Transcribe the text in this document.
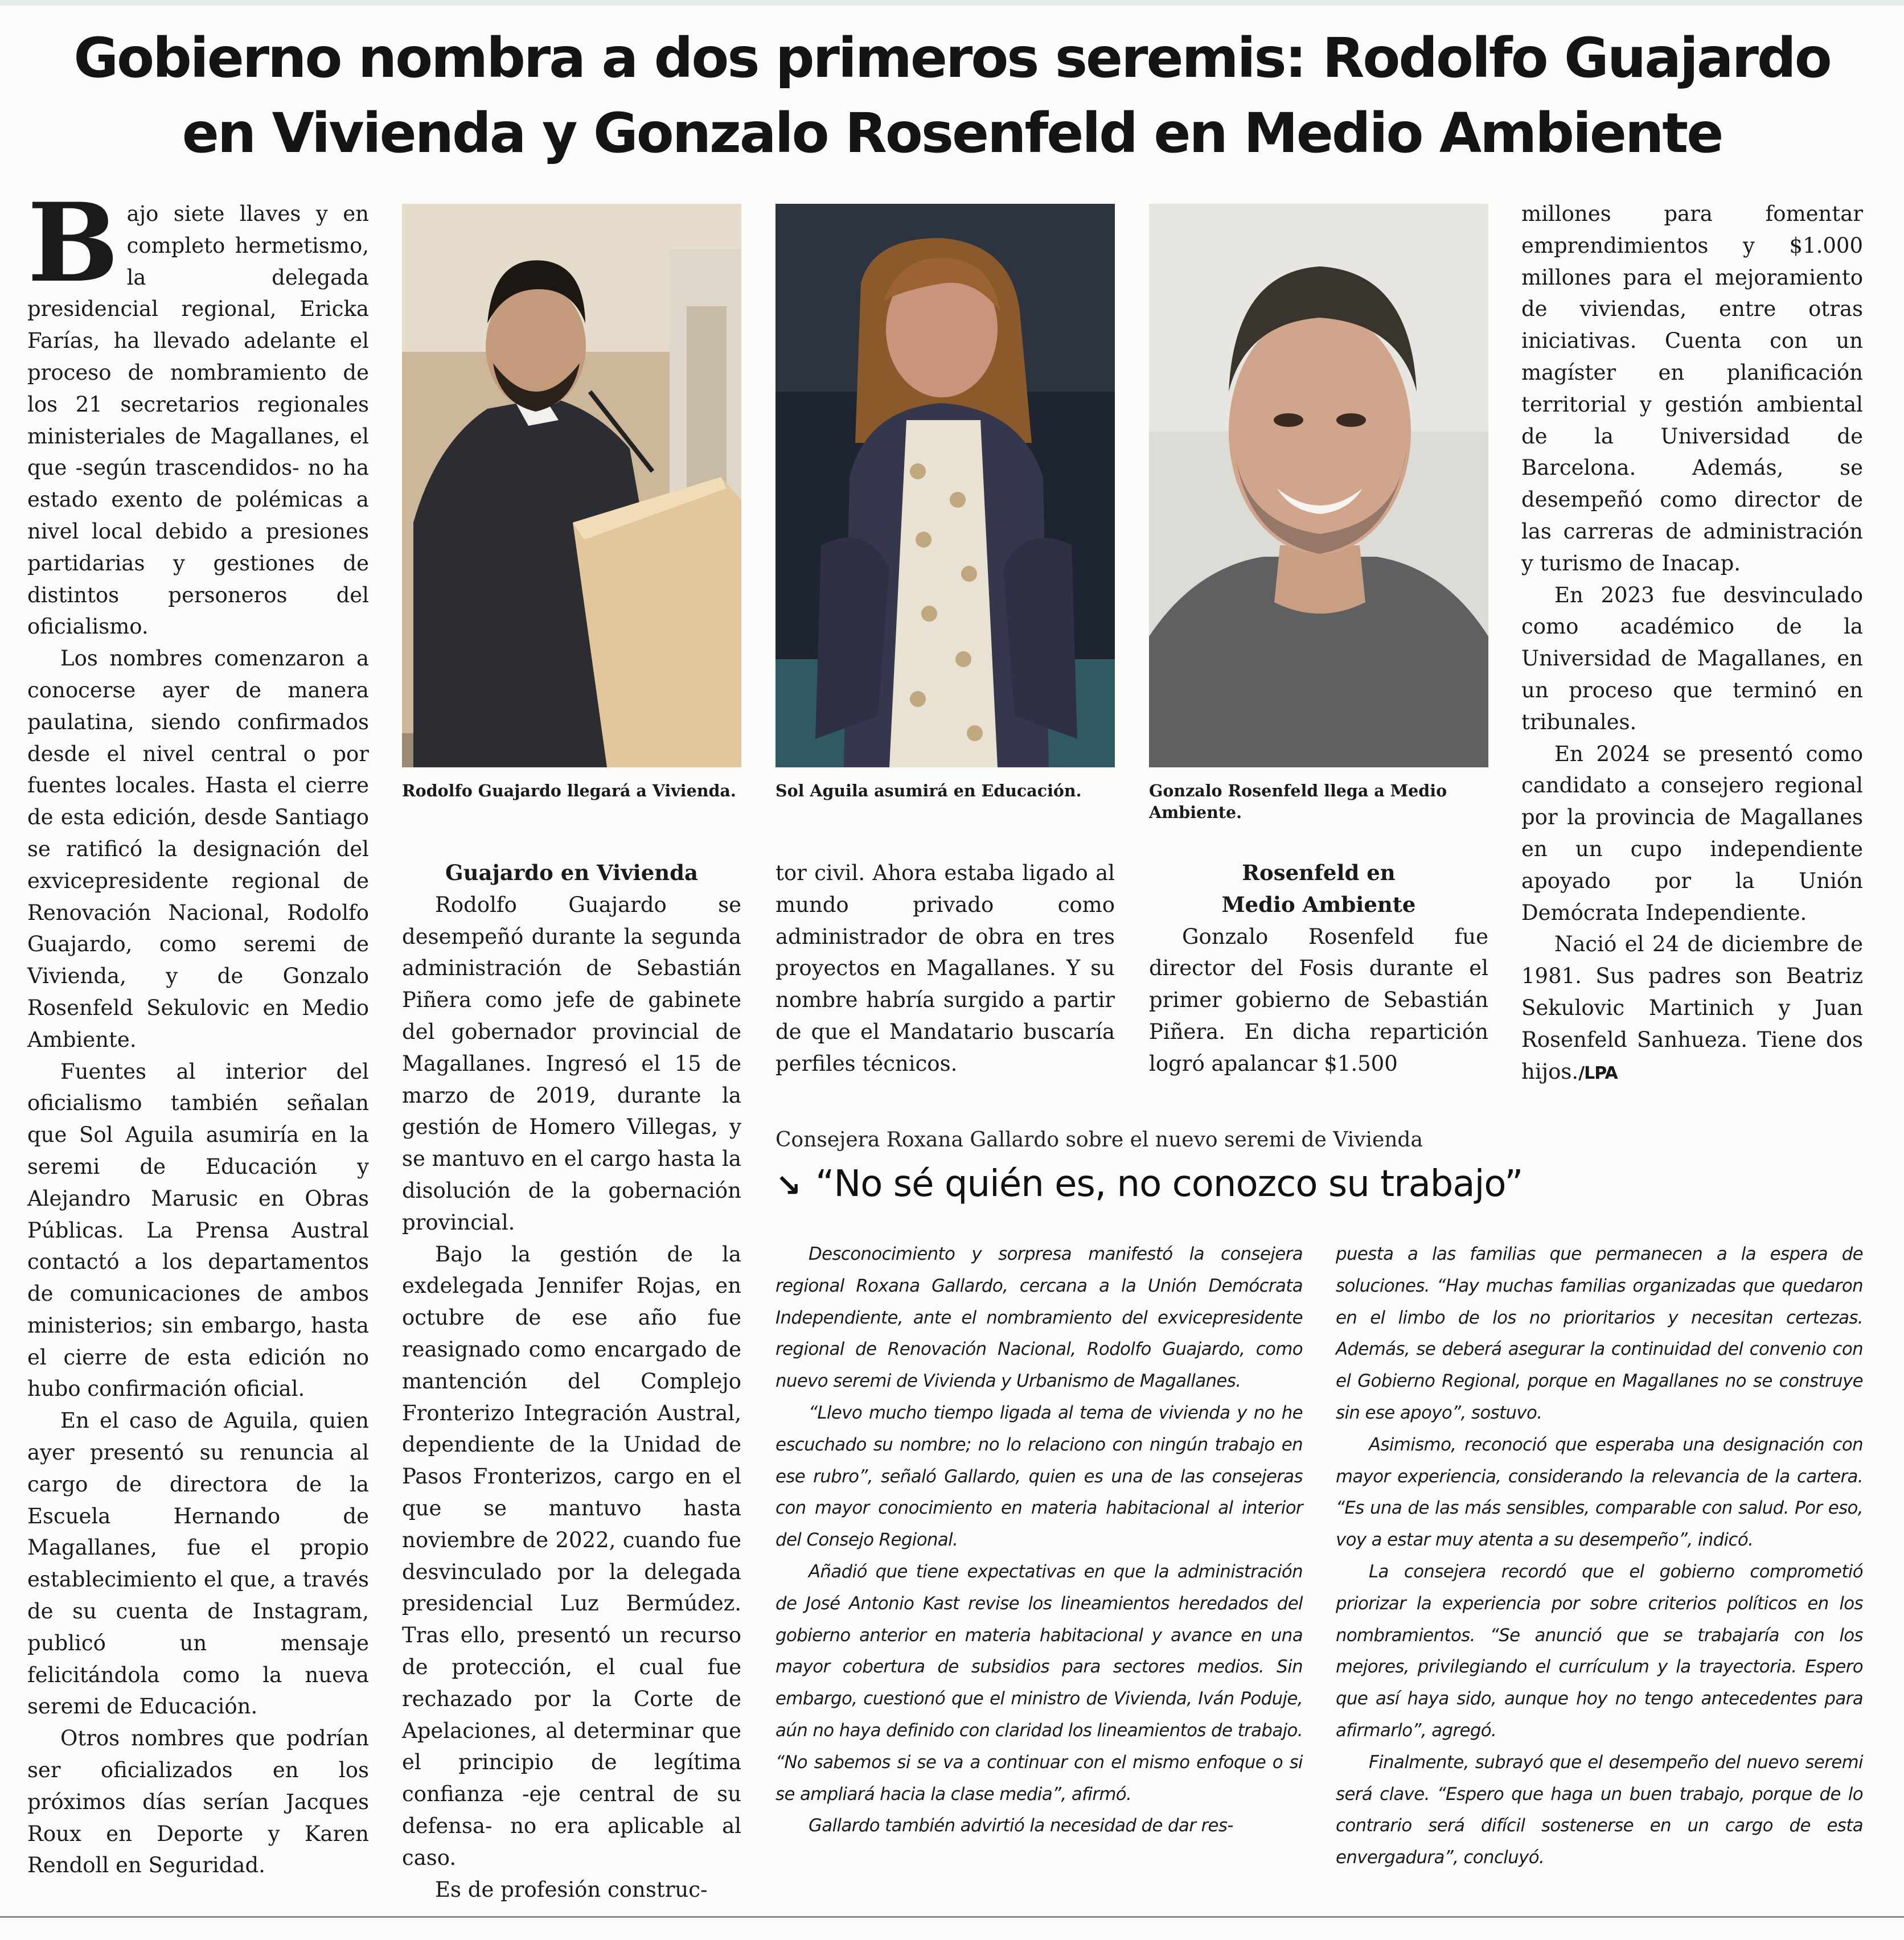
Gobierno nombra a dos primeros seremis: Rodolfo Guajardo
en Vivienda y Gonzalo Rosenfeld en Medio Ambiente

Bajo siete llaves y en completo hermetismo, la delegada presidencial regional, Ericka Farías, ha llevado adelante el proceso de nombramiento de los 21 secretarios regionales ministeriales de Magallanes, el que -según trascendidos- no ha estado exento de polémicas a nivel local debido a presiones partidarias y gestiones de distintos personeros del oficialismo.

Los nombres comenzaron a conocerse ayer de manera paulatina, siendo confirmados desde el nivel central o por fuentes locales. Hasta el cierre de esta edición, desde Santiago se ratificó la designación del exvicepresidente regional de Renovación Nacional, Rodolfo Guajardo, como seremi de Vivienda, y de Gonzalo Rosenfeld Sekulovic en Medio Ambiente.

Fuentes al interior del oficialismo también señalan que Sol Aguila asumiría en la seremi de Educación y Alejandro Marusic en Obras Públicas. La Prensa Austral contactó a los departamentos de comunicaciones de ambos ministerios; sin embargo, hasta el cierre de esta edición no hubo confirmación oficial.

En el caso de Aguila, quien ayer presentó su renuncia al cargo de directora de la Escuela Hernando de Magallanes, fue el propio establecimiento el que, a través de su cuenta de Instagram, publicó un mensaje felicitándola como la nueva seremi de Educación.

Otros nombres que podrían ser oficializados en los próximos días serían Jacques Roux en Deporte y Karen Rendoll en Seguridad.

Rodolfo Guajardo llegará a Vivienda.	Sol Aguila asumirá en Educación.	Gonzalo Rosenfeld llega a Medio Ambiente.

Guajardo en Vivienda

Rodolfo Guajardo se desempeñó durante la segunda administración de Sebastián Piñera como jefe de gabinete del gobernador provincial de Magallanes. Ingresó el 15 de marzo de 2019, durante la gestión de Homero Villegas, y se mantuvo en el cargo hasta la disolución de la gobernación provincial.

Bajo la gestión de la exdelegada Jennifer Rojas, en octubre de ese año fue reasignado como encargado de mantención del Complejo Fronterizo Integración Austral, dependiente de la Unidad de Pasos Fronterizos, cargo en el que se mantuvo hasta noviembre de 2022, cuando fue desvinculado por la delegada presidencial Luz Bermúdez. Tras ello, presentó un recurso de protección, el cual fue rechazado por la Corte de Apelaciones, al determinar que el principio de legítima confianza -eje central de su defensa- no era aplicable al caso.

Es de profesión construc-

tor civil. Ahora estaba ligado al mundo privado como administrador de obra en tres proyectos en Magallanes. Y su nombre habría surgido a partir de que el Mandatario buscaría perfiles técnicos.

Rosenfeld en
Medio Ambiente

Gonzalo Rosenfeld fue director del Fosis durante el primer gobierno de Sebastián Piñera. En dicha repartición logró apalancar $1.500

millones para fomentar emprendimientos y $1.000 millones para el mejoramiento de viviendas, entre otras iniciativas. Cuenta con un magíster en planificación territorial y gestión ambiental de la Universidad de Barcelona. Además, se desempeñó como director de las carreras de administración y turismo de Inacap.

En 2023 fue desvinculado como académico de la Universidad de Magallanes, en un proceso que terminó en tribunales.

En 2024 se presentó como candidato a consejero regional por la provincia de Magallanes en un cupo independiente apoyado por la Unión Demócrata Independiente.

Nació el 24 de diciembre de 1981. Sus padres son Beatriz Sekulovic Martinich y Juan Rosenfeld Sanhueza. Tiene dos hijos./LPA

Consejera Roxana Gallardo sobre el nuevo seremi de Vivienda

↘ “No sé quién es, no conozco su trabajo”

Desconocimiento y sorpresa manifestó la consejera regional Roxana Gallardo, cercana a la Unión Demócrata Independiente, ante el nombramiento del exvicepresidente regional de Renovación Nacional, Rodolfo Guajardo, como nuevo seremi de Vivienda y Urbanismo de Magallanes.

“Llevo mucho tiempo ligada al tema de vivienda y no he escuchado su nombre; no lo relaciono con ningún trabajo en ese rubro”, señaló Gallardo, quien es una de las consejeras con mayor conocimiento en materia habitacional al interior del Consejo Regional.

Añadió que tiene expectativas en que la administración de José Antonio Kast revise los lineamientos heredados del gobierno anterior en materia habitacional y avance en una mayor cobertura de subsidios para sectores medios. Sin embargo, cuestionó que el ministro de Vivienda, Iván Poduje, aún no haya definido con claridad los lineamientos de trabajo. “No sabemos si se va a continuar con el mismo enfoque o si se ampliará hacia la clase media”, afirmó.

Gallardo también advirtió la necesidad de dar res-

puesta a las familias que permanecen a la espera de soluciones. “Hay muchas familias organizadas que quedaron en el limbo de los no prioritarios y necesitan certezas. Además, se deberá asegurar la continuidad del convenio con el Gobierno Regional, porque en Magallanes no se construye sin ese apoyo”, sostuvo.

Asimismo, reconoció que esperaba una designación con mayor experiencia, considerando la relevancia de la cartera. “Es una de las más sensibles, comparable con salud. Por eso, voy a estar muy atenta a su desempeño”, indicó.

La consejera recordó que el gobierno comprometió priorizar la experiencia por sobre criterios políticos en los nombramientos. “Se anunció que se trabajaría con los mejores, privilegiando el currículum y la trayectoria. Espero que así haya sido, aunque hoy no tengo antecedentes para afirmarlo”, agregó.

Finalmente, subrayó que el desempeño del nuevo seremi será clave. “Espero que haga un buen trabajo, porque de lo contrario será difícil sostenerse en un cargo de esta envergadura”, concluyó.
